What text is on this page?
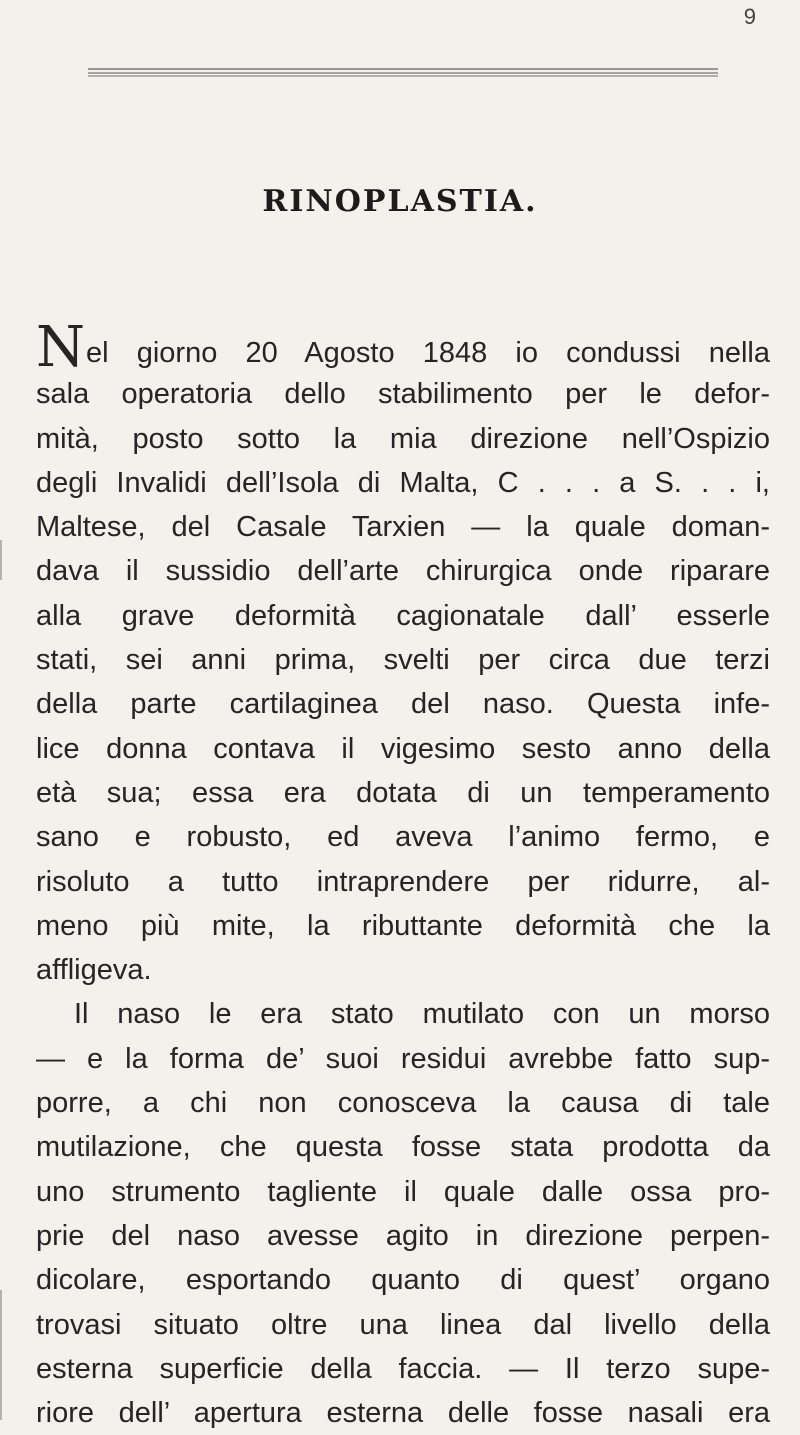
9
RINOPLASTIA.
Nel giorno 20 Agosto 1848 io condussi nella
sala operatoria dello stabilimento per le defor-
mità, posto sotto la mia direzione nell’Ospizio
degli Invalidi dell’Isola di Malta, C . . . a S. . . i,
Maltese, del Casale Tarxien — la quale doman-
dava il sussidio dell’arte chirurgica onde riparare
alla grave deformità cagionatale dall’ esserle
stati, sei anni prima, svelti per circa due terzi
della parte cartilaginea del naso. Questa infe-
lice donna contava il vigesimo sesto anno della
età sua; essa era dotata di un temperamento
sano e robusto, ed aveva l’animo fermo, e
risoluto a tutto intraprendere per ridurre, al-
meno più mite, la ributtante deformità che la
affligeva.
Il naso le era stato mutilato con un morso
— e la forma de’ suoi residui avrebbe fatto sup-
porre, a chi non conosceva la causa di tale
mutilazione, che questa fosse stata prodotta da
uno strumento tagliente il quale dalle ossa pro-
prie del naso avesse agito in direzione perpen-
dicolare, esportando quanto di quest’ organo
trovasi situato oltre una linea dal livello della
esterna superficie della faccia. — Il terzo supe-
riore dell’ apertura esterna delle fosse nasali era
